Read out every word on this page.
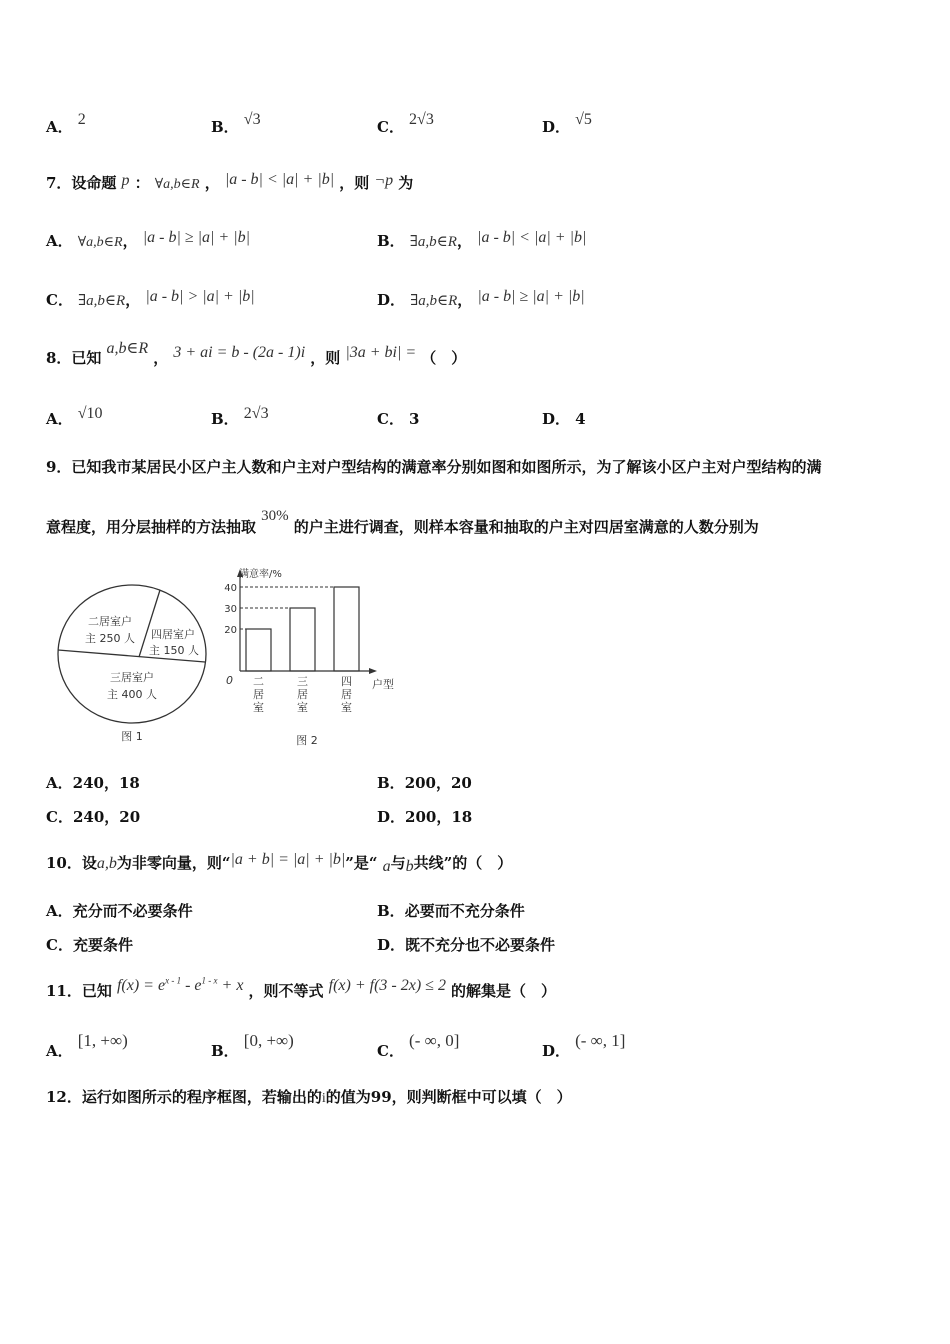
A． 2	B． √3	C． 2√3	D． √5
7．设命题 p ： ∀a,b∈R ， |a - b| < |a| + |b| ，则 ¬p 为
A． ∀a,b∈R， |a - b| ≥ |a| + |b|	B． ∃a,b∈R， |a - b| < |a| + |b|
C． ∃a,b∈R， |a - b| > |a| + |b|	D． ∃a,b∈R， |a - b| ≥ |a| + |b|
8．已知 a,b∈R ， 3 + ai = b - (2a - 1)i ，则 |3a + bi| = （　）
A． √10	B． 2√3	C． 3	D． 4
9．已知我市某居民小区户主人数和户主对户型结构的满意率分别如图和如图所示，为了解该小区户主对户型结构的满
意程度，用分层抽样的方法抽取 30% 的户主进行调查，则样本容量和抽取的户主对四居室满意的人数分别为
二居室户
主 250 人 四居室户
主 150 人
三居室户
主 400 人
图 1
满意率/%
户型
0
20
二
居
室
30
三
居
室
40
四
居
室
图 2
A．240，18	B．200，20
C．240，20	D．200，18
10．设a,b为非零向量，则“|a + b| = |a| + |b|”是“ a与b共线”的（　）
A．充分而不必要条件	B．必要而不充分条件
C．充要条件	D．既不充分也不必要条件
11．已知 $f(x) = e^{x - 1} - e^{1 - x} + x$ ，则不等式 f(x) + f(3 - 2x) ≤ 2 的解集是（　）
A． [1, +∞)
B． [0, +∞)
C． (- ∞, 0]
D． (- ∞, 1]
12．运行如图所示的程序框图，若输出的i的值为99，则判断框中可以填（　）
